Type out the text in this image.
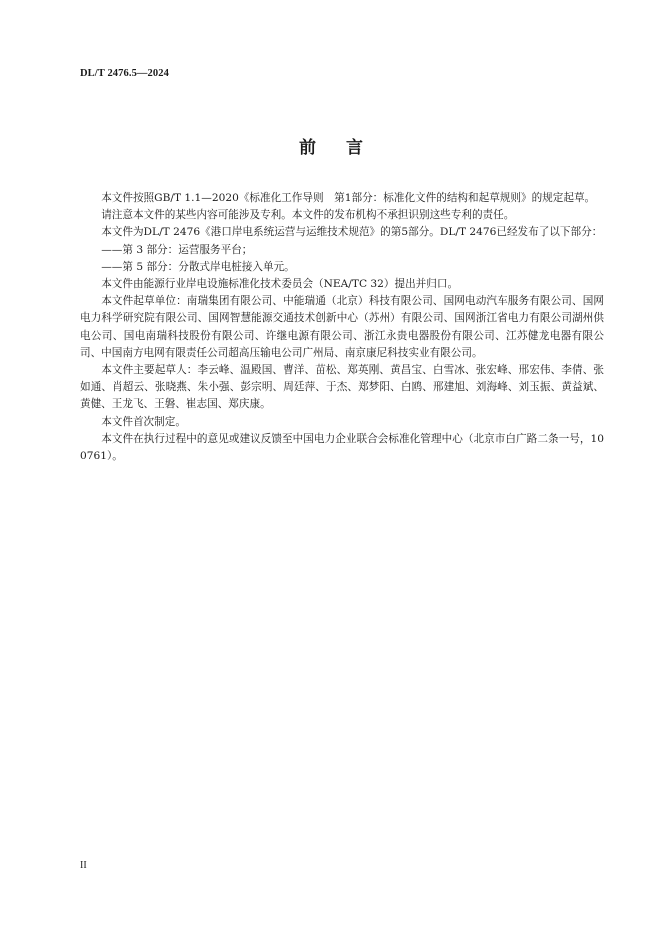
DL/T 2476.5—2024
前言

本文件按照GB/T 1.1—2020《标准化工作导则　第1部分：标准化文件的结构和起草规则》的规定起草。

请注意本文件的某些内容可能涉及专利。本文件的发布机构不承担识别这些专利的责任。

本文件为DL/T 2476《港口岸电系统运营与运维技术规范》的第5部分。DL/T 2476已经发布了以下部分：

——第 3 部分：运营服务平台；

——第 5 部分：分散式岸电桩接入单元。

本文件由能源行业岸电设施标准化技术委员会（NEA/TC 32）提出并归口。

本文件起草单位：南瑞集团有限公司、中能瑞通（北京）科技有限公司、国网电动汽车服务有限公司、国网电力科学研究院有限公司、国网智慧能源交通技术创新中心（苏州）有限公司、国网浙江省电力有限公司湖州供电公司、国电南瑞科技股份有限公司、许继电源有限公司、浙江永贵电器股份有限公司、江苏健龙电器有限公司、中国南方电网有限责任公司超高压输电公司广州局、南京康尼科技实业有限公司。

本文件主要起草人：李云峰、温殿国、曹洋、苗松、郑英刚、黄昌宝、白雪冰、张宏峰、邢宏伟、李倩、张如通、肖超云、张晓燕、朱小强、彭宗明、周廷萍、于杰、郑梦阳、白鸥、邢建旭、刘海峰、刘玉振、黄益斌、黄健、王龙飞、王磐、崔志国、郑庆康。

本文件首次制定。

本文件在执行过程中的意见或建议反馈至中国电力企业联合会标准化管理中心（北京市白广路二条一号，100761）。

II
